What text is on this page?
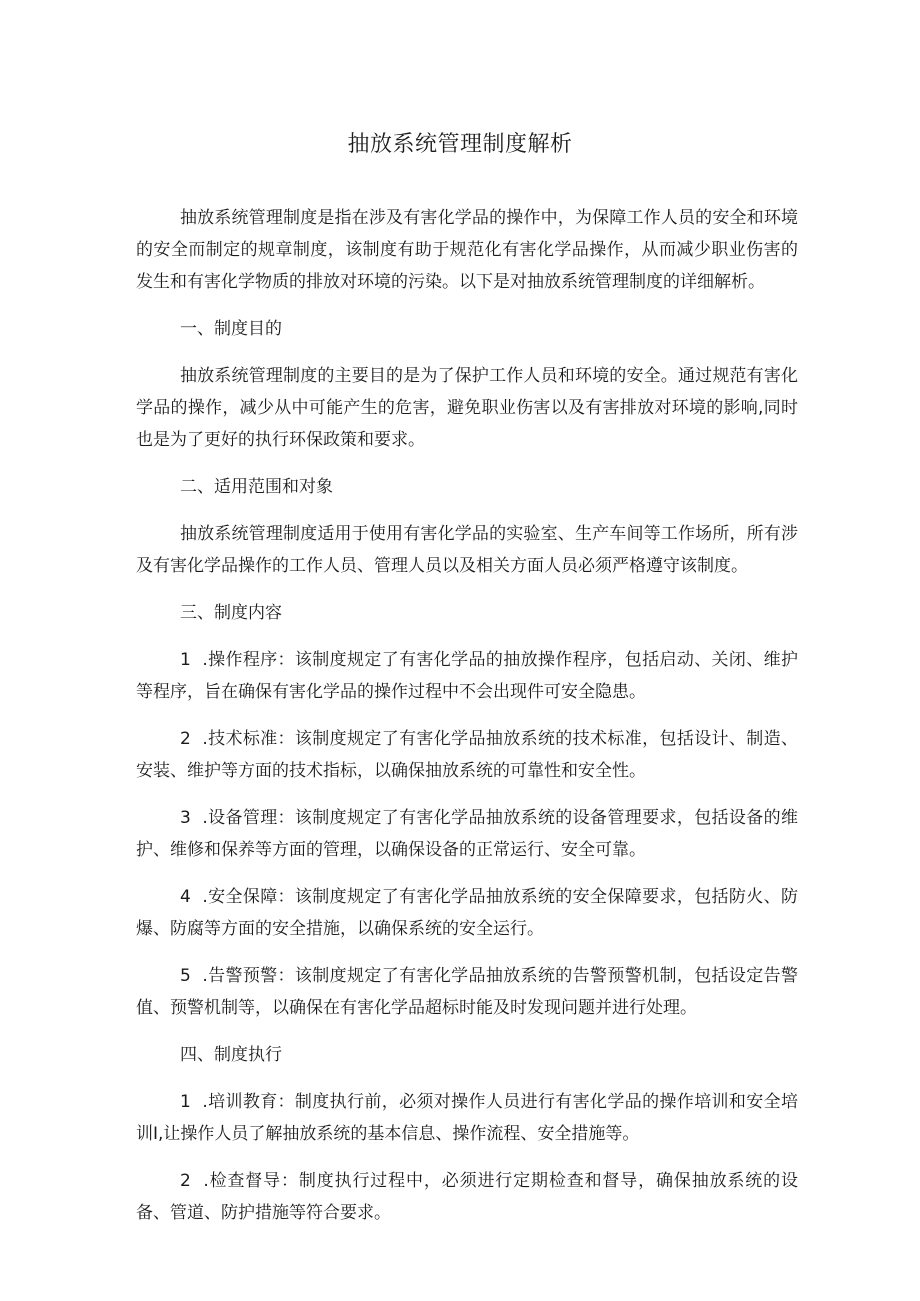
抽放系统管理制度解析

抽放系统管理制度是指在涉及有害化学品的操作中，为保障工作人员的安全和环境的安全而制定的规章制度，该制度有助于规范化有害化学品操作，从而减少职业伤害的发生和有害化学物质的排放对环境的污染。以下是对抽放系统管理制度的详细解析。

一、制度目的

抽放系统管理制度的主要目的是为了保护工作人员和环境的安全。通过规范有害化学品的操作，减少从中可能产生的危害，避免职业伤害以及有害排放对环境的影响,同时也是为了更好的执行环保政策和要求。

二、适用范围和对象

抽放系统管理制度适用于使用有害化学品的实验室、生产车间等工作场所，所有涉及有害化学品操作的工作人员、管理人员以及相关方面人员必须严格遵守该制度。

三、制度内容

1  .操作程序：该制度规定了有害化学品的抽放操作程序，包括启动、关闭、维护等程序，旨在确保有害化学品的操作过程中不会出现件可安全隐患。

2  .技术标准：该制度规定了有害化学品抽放系统的技术标准，包括设计、制造、安装、维护等方面的技术指标，以确保抽放系统的可靠性和安全性。

3  .设备管理：该制度规定了有害化学品抽放系统的设备管理要求，包括设备的维护、维修和保养等方面的管理，以确保设备的正常运行、安全可靠。

4  .安全保障：该制度规定了有害化学品抽放系统的安全保障要求，包括防火、防爆、防腐等方面的安全措施，以确保系统的安全运行。

5  .告警预警：该制度规定了有害化学品抽放系统的告警预警机制，包括设定告警值、预警机制等，以确保在有害化学品超标时能及时发现问题并进行处理。

四、制度执行

1  .培训教育：制度执行前，必须对操作人员进行有害化学品的操作培训和安全培训I,让操作人员了解抽放系统的基本信息、操作流程、安全措施等。

2  .检查督导：制度执行过程中，必须进行定期检查和督导，确保抽放系统的设备、管道、防护措施等符合要求。
